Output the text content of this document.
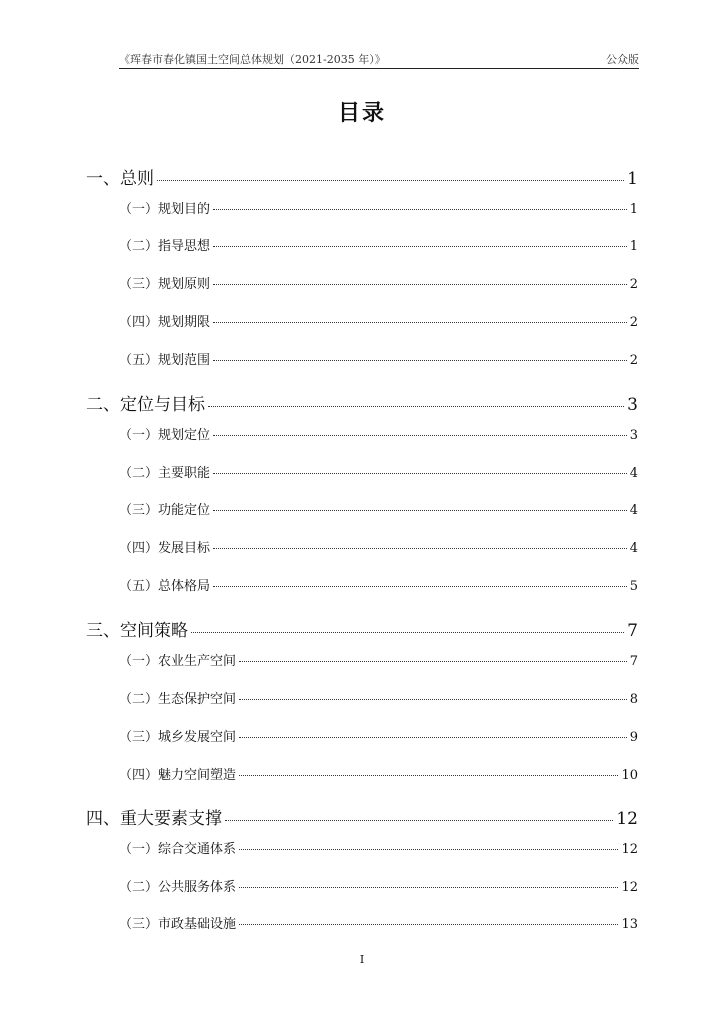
《珲春市春化镇国土空间总体规划（2021-2035 年）》	公众版
目录
一、总则	1
（一）规划目的	1
（二）指导思想	1
（三）规划原则	2
（四）规划期限	2
（五）规划范围	2
二、定位与目标	3
（一）规划定位	3
（二）主要职能	4
（三）功能定位	4
（四）发展目标	4
（五）总体格局	5
三、空间策略	7
（一）农业生产空间	7
（二）生态保护空间	8
（三）城乡发展空间	9
（四）魅力空间塑造	10
四、重大要素支撑	12
（一）综合交通体系	12
（二）公共服务体系	12
（三）市政基础设施	13
I
